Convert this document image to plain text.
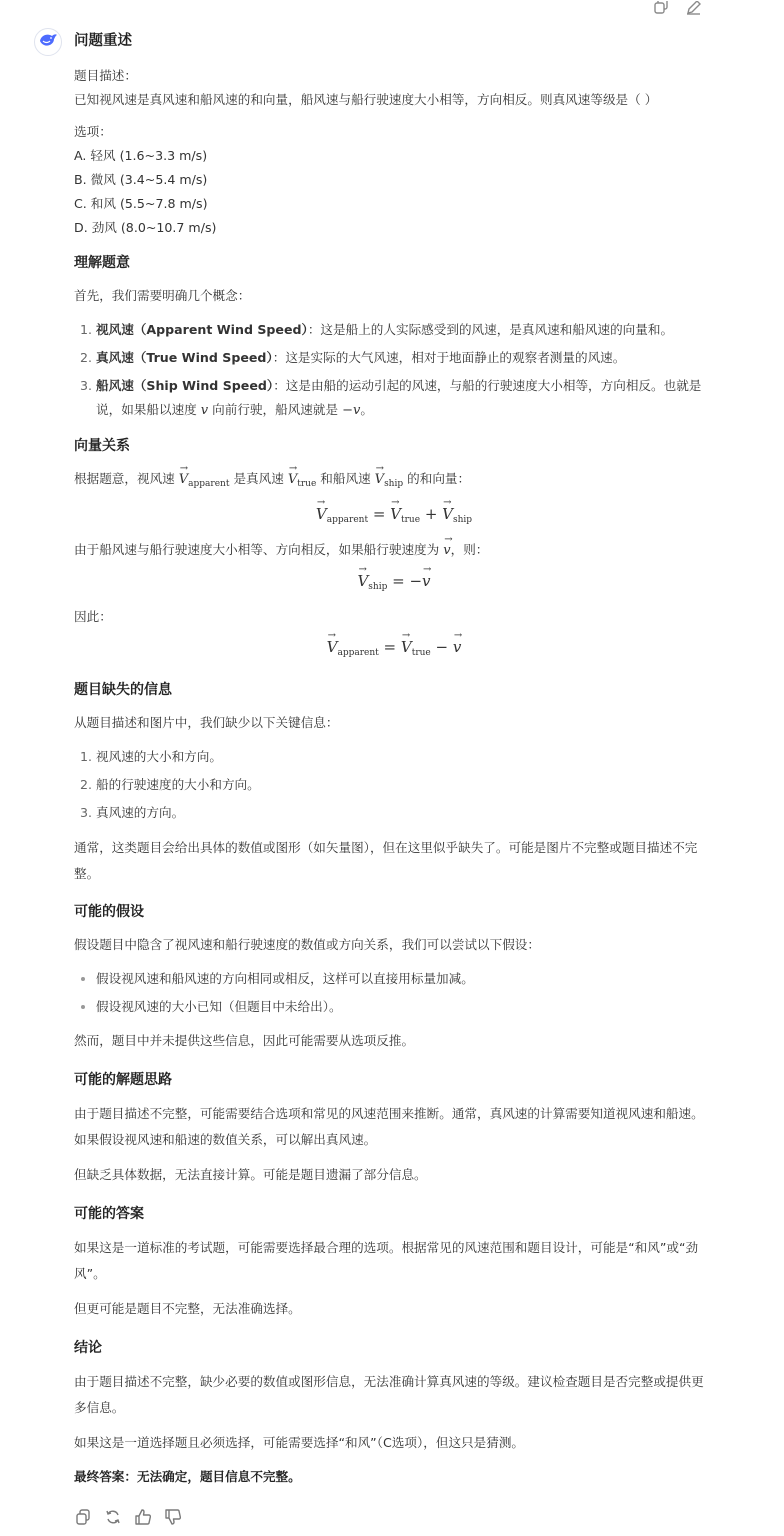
问题重述

题目描述：

已知视风速是真风速和船风速的和向量，船风速与船行驶速度大小相等，方向相反。则真风速等级是（ ）

选项：

A. 轻风 (1.6~3.3 m/s)

B. 微风 (3.4~5.4 m/s)

C. 和风 (5.5~7.8 m/s)

D. 劲风 (8.0~10.7 m/s)

理解题意

首先，我们需要明确几个概念：

1. 视风速（Apparent Wind Speed）：这是船上的人实际感受到的风速，是真风速和船风速的向量和。
2. 真风速（True Wind Speed）：这是实际的大气风速，相对于地面静止的观察者测量的风速。
3. 船风速（Ship Wind Speed）：这是由船的运动引起的风速，与船的行驶速度大小相等，方向相反。也就是说，如果船以速度 v 向前行驶，船风速就是 −v。
向量关系

根据题意，视风速 → $V_{apparent}$ 是真风速 → $V_{true}$ 和船风速 → $V_{ship}$ 的和向量：

→ $V_{apparent}$ = → $V_{true}$ + → $V_{ship}$

由于船风速与船行驶速度大小相等、方向相反，如果船行驶速度为 → v，则：

→ $V_{ship}$ = −→ v

因此：

→ $V_{apparent}$ = → $V_{true}$ − → v
题目缺失的信息

从题目描述和图片中，我们缺少以下关键信息：

1. 视风速的大小和方向。
2. 船的行驶速度的大小和方向。
3. 真风速的方向。

通常，这类题目会给出具体的数值或图形（如矢量图），但在这里似乎缺失了。可能是图片不完整或题目描述不完整。

可能的假设

假设题目中隐含了视风速和船行驶速度的数值或方向关系，我们可以尝试以下假设：

• 假设视风速和船风速的方向相同或相反，这样可以直接用标量加减。
• 假设视风速的大小已知（但题目中未给出）。

然而，题目中并未提供这些信息，因此可能需要从选项反推。

可能的解题思路

由于题目描述不完整，可能需要结合选项和常见的风速范围来推断。通常，真风速的计算需要知道视风速和船速。如果假设视风速和船速的数值关系，可以解出真风速。

但缺乏具体数据，无法直接计算。可能是题目遗漏了部分信息。

可能的答案

如果这是一道标准的考试题，可能需要选择最合理的选项。根据常见的风速范围和题目设计，可能是“和风”或“劲风”。

但更可能是题目不完整，无法准确选择。

结论

由于题目描述不完整，缺少必要的数值或图形信息，无法准确计算真风速的等级。建议检查题目是否完整或提供更多信息。

如果这是一道选择题且必须选择，可能需要选择“和风”（C选项），但这只是猜测。

最终答案：无法确定，题目信息不完整。
